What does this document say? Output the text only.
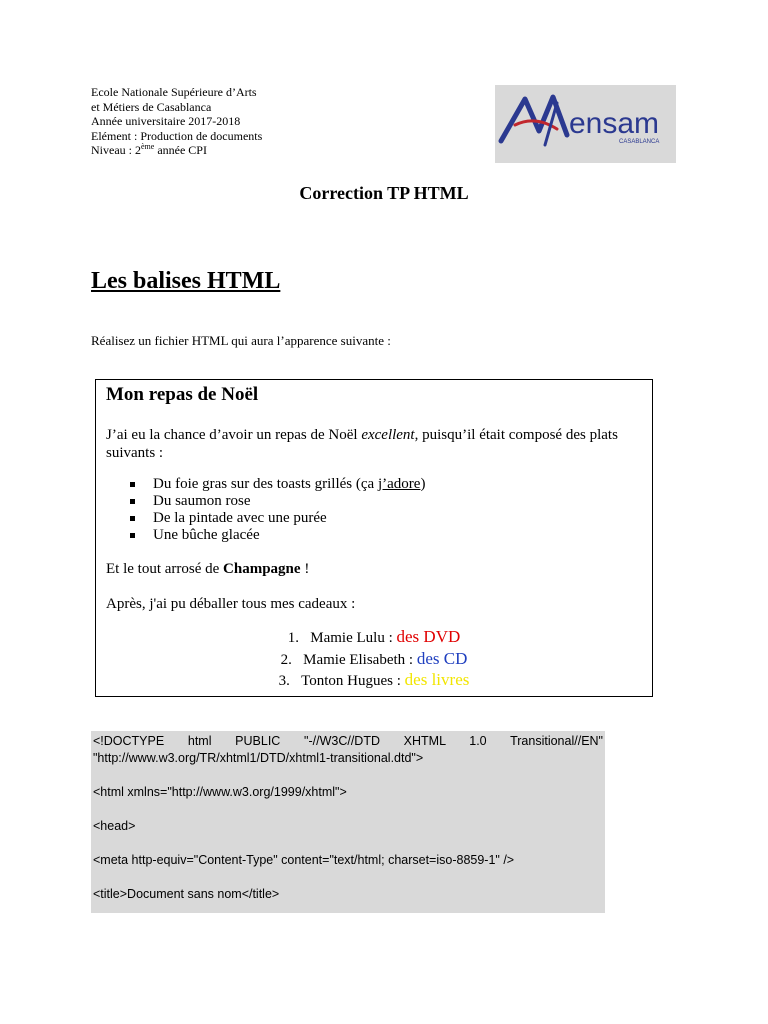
Ecole Nationale Supérieure d’Arts
et Métiers de Casablanca
Année universitaire 2017-2018
Elément : Production de documents
Niveau : 2ème année CPI
ensam
CASABLANCA
Correction TP HTML
Les balises HTML
Réalisez un fichier HTML qui aura l’apparence suivante :
Mon repas de Noël

J’ai eu la chance d’avoir un repas de Noël excellent, puisqu’il était composé des plats suivants :

Du foie gras sur des toasts grillés (ça j’adore)
Du saumon rose
De la pintade avec une purée
Une bûche glacée

Et le tout arrosé de Champagne !

Après, j'ai pu déballer tous mes cadeaux :

1. Mamie Lulu : des DVD
2. Mamie Elisabeth : des CD
3. Tonton Hugues : des livres

<!DOCTYPE html PUBLIC "-//W3C//DTD XHTML 1.0 Transitional//EN"
"http://www.w3.org/TR/xhtml1/DTD/xhtml1-transitional.dtd">

<html xmlns="http://www.w3.org/1999/xhtml">

<head>

<meta http-equiv="Content-Type" content="text/html; charset=iso-8859-1" />

<title>Document sans nom</title>
